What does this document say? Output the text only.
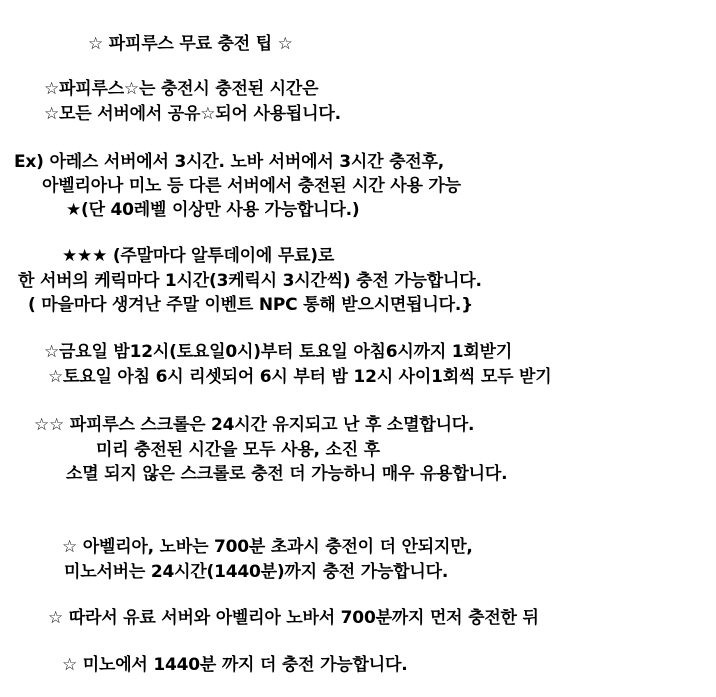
☆ 파피루스 무료 충전 팁 ☆
☆파피루스☆는 충전시 충전된 시간은
☆모든 서버에서 공유☆되어 사용됩니다.
Ex) 아레스 서버에서 3시간. 노바 서버에서 3시간 충전후,
아벨리아나 미노 등 다른 서버에서 충전된 시간 사용 가능
★(단 40레벨 이상만 사용 가능합니다.)
★★★ (주말마다 알투데이에 무료)로
한 서버의 케릭마다 1시간(3케릭시 3시간씩) 충전 가능합니다.
( 마을마다 생겨난 주말 이벤트 NPC 통해 받으시면됩니다.}
☆금요일 밤12시(토요일0시)부터 토요일 아침6시까지 1회받기
☆토요일 아침 6시 리셋되어 6시 부터 밤 12시 사이1회씩 모두 받기
☆☆ 파피루스 스크롤은 24시간 유지되고 난 후 소멸합니다.
미리 충전된 시간을 모두 사용, 소진 후
소멸 되지 않은 스크롤로 충전 더 가능하니 매우 유용합니다.
☆ 아벨리아, 노바는 700분 초과시 충전이 더 안되지만,
미노서버는 24시간(1440분)까지 충전 가능합니다.
☆ 따라서 유료 서버와 아벨리아 노바서 700분까지 먼저 충전한 뒤
☆ 미노에서 1440분 까지 더 충전 가능합니다.
